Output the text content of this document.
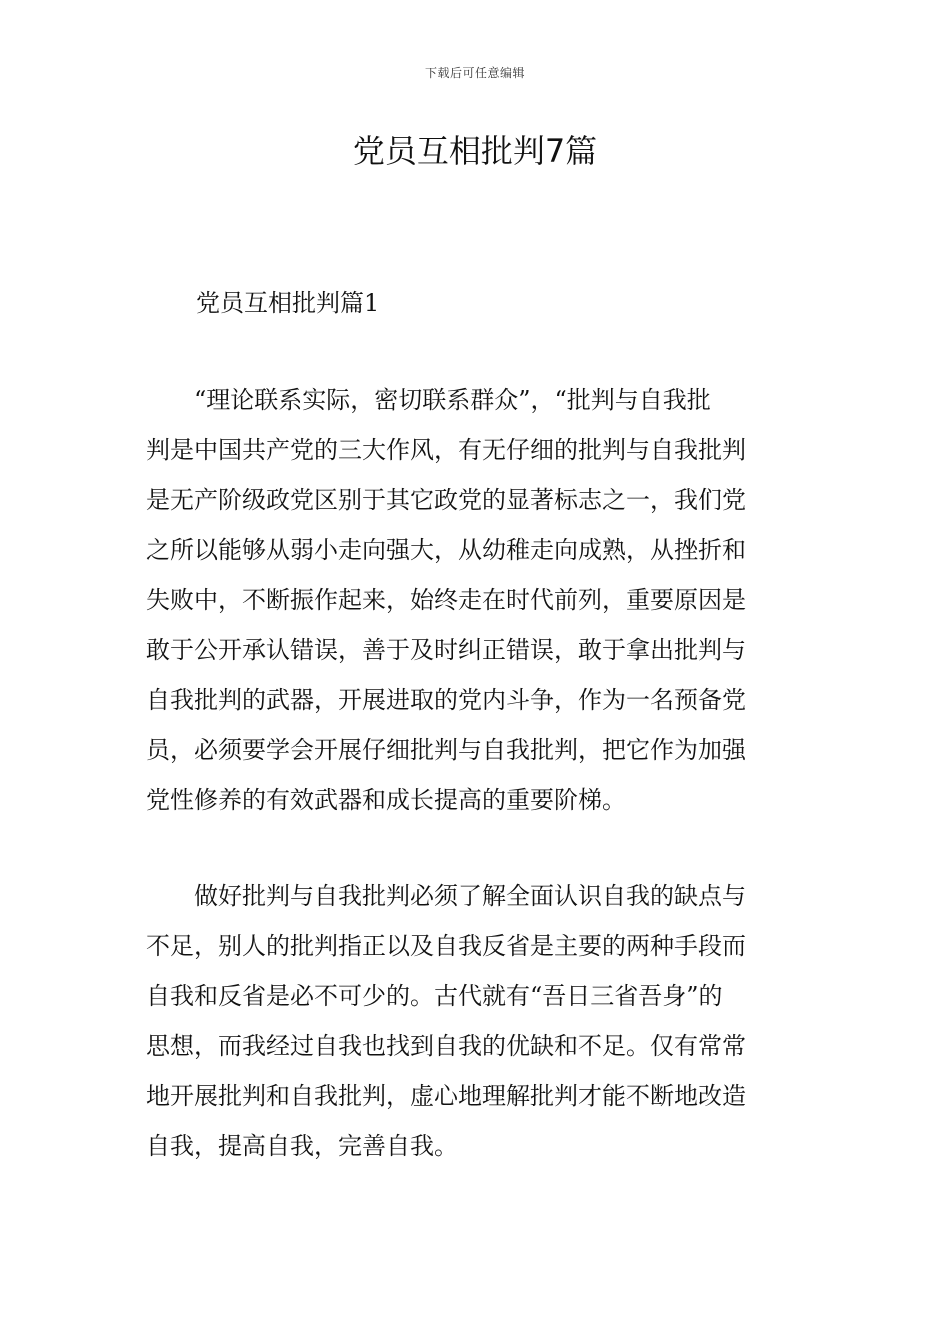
下载后可任意编辑
党员互相批判7篇
党员互相批判篇1
“理论联系实际，密切联系群众”，“批判与自我批
判是中国共产党的三大作风，有无仔细的批判与自我批判
是无产阶级政党区别于其它政党的显著标志之一，我们党
之所以能够从弱小走向强大，从幼稚走向成熟，从挫折和
失败中，不断振作起来，始终走在时代前列，重要原因是
敢于公开承认错误，善于及时纠正错误，敢于拿出批判与
自我批判的武器，开展进取的党内斗争，作为一名预备党
员，必须要学会开展仔细批判与自我批判，把它作为加强
党性修养的有效武器和成长提高的重要阶梯。
做好批判与自我批判必须了解全面认识自我的缺点与
不足，别人的批判指正以及自我反省是主要的两种手段而
自我和反省是必不可少的。古代就有“吾日三省吾身”的
思想，而我经过自我也找到自我的优缺和不足。仅有常常
地开展批判和自我批判，虚心地理解批判才能不断地改造
自我，提高自我，完善自我。
